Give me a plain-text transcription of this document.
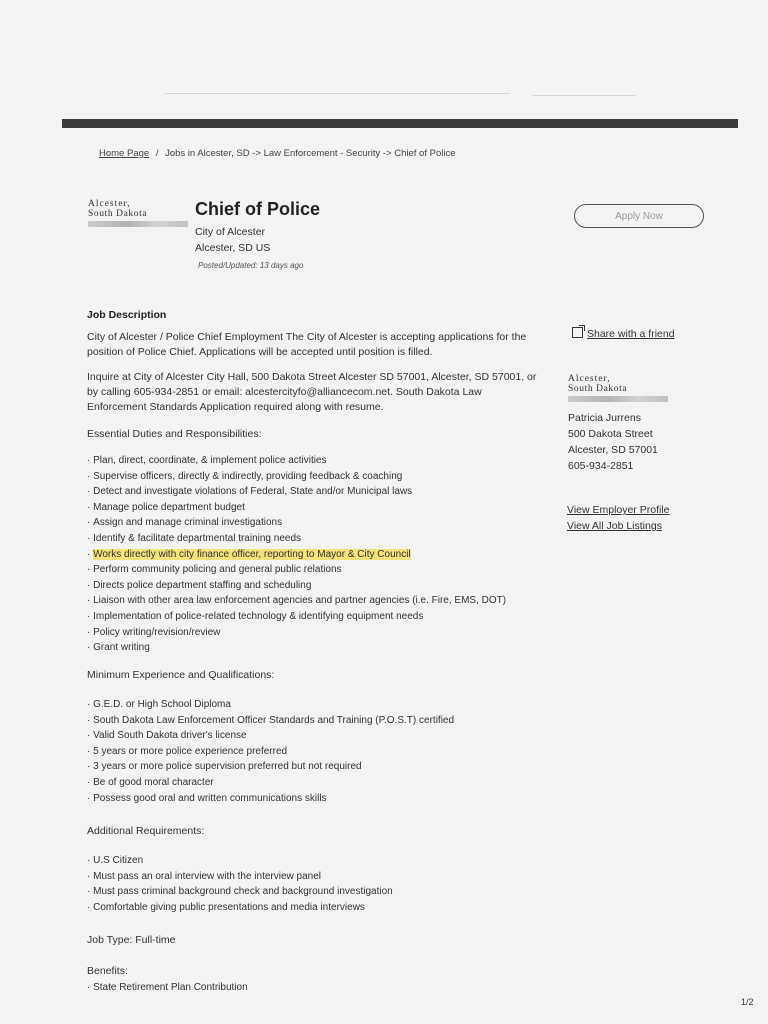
Home Page / Jobs in Alcester, SD -> Law Enforcement - Security -> Chief of Police
Alcester,
South Dakota	Chief of Police
City of Alcester
Alcester, SD US
Posted/Updated: 13 days ago
Apply Now
Job Description
City of Alcester / Police Chief Employment The City of Alcester is accepting applications for the position of Police Chief. Applications will be accepted until position is filled.
Inquire at City of Alcester City Hall, 500 Dakota Street Alcester SD 57001, Alcester, SD 57001, or by calling 605-934-2851 or email: alcestercityfo@alliancecom.net. South Dakota Law Enforcement Standards Application required along with resume.
Essential Duties and Responsibilities:
· Plan, direct, coordinate, & implement police activities
· Supervise officers, directly & indirectly, providing feedback & coaching
· Detect and investigate violations of Federal, State and/or Municipal laws
· Manage police department budget
· Assign and manage criminal investigations
· Identify & facilitate departmental training needs
· Works directly with city finance officer, reporting to Mayor & City Council
· Perform community policing and general public relations
· Directs police department staffing and scheduling
· Liaison with other area law enforcement agencies and partner agencies (i.e. Fire, EMS, DOT)
· Implementation of police-related technology & identifying equipment needs
· Policy writing/revision/review
· Grant writing
Minimum Experience and Qualifications:
· G.E.D. or High School Diploma
· South Dakota Law Enforcement Officer Standards and Training (P.O.S.T) certified
· Valid South Dakota driver's license
· 5 years or more police experience preferred
· 3 years or more police supervision preferred but not required
· Be of good moral character
· Possess good oral and written communications skills
Additional Requirements:
· U.S Citizen
· Must pass an oral interview with the interview panel
· Must pass criminal background check and background investigation
· Comfortable giving public presentations and media interviews
Job Type: Full-time
Benefits:
· State Retirement Plan Contribution
Share with a friend
Alcester,
South Dakota
Patricia Jurrens
500 Dakota Street
Alcester, SD 57001
605-934-2851
View Employer Profile
View All Job Listings
1/2
